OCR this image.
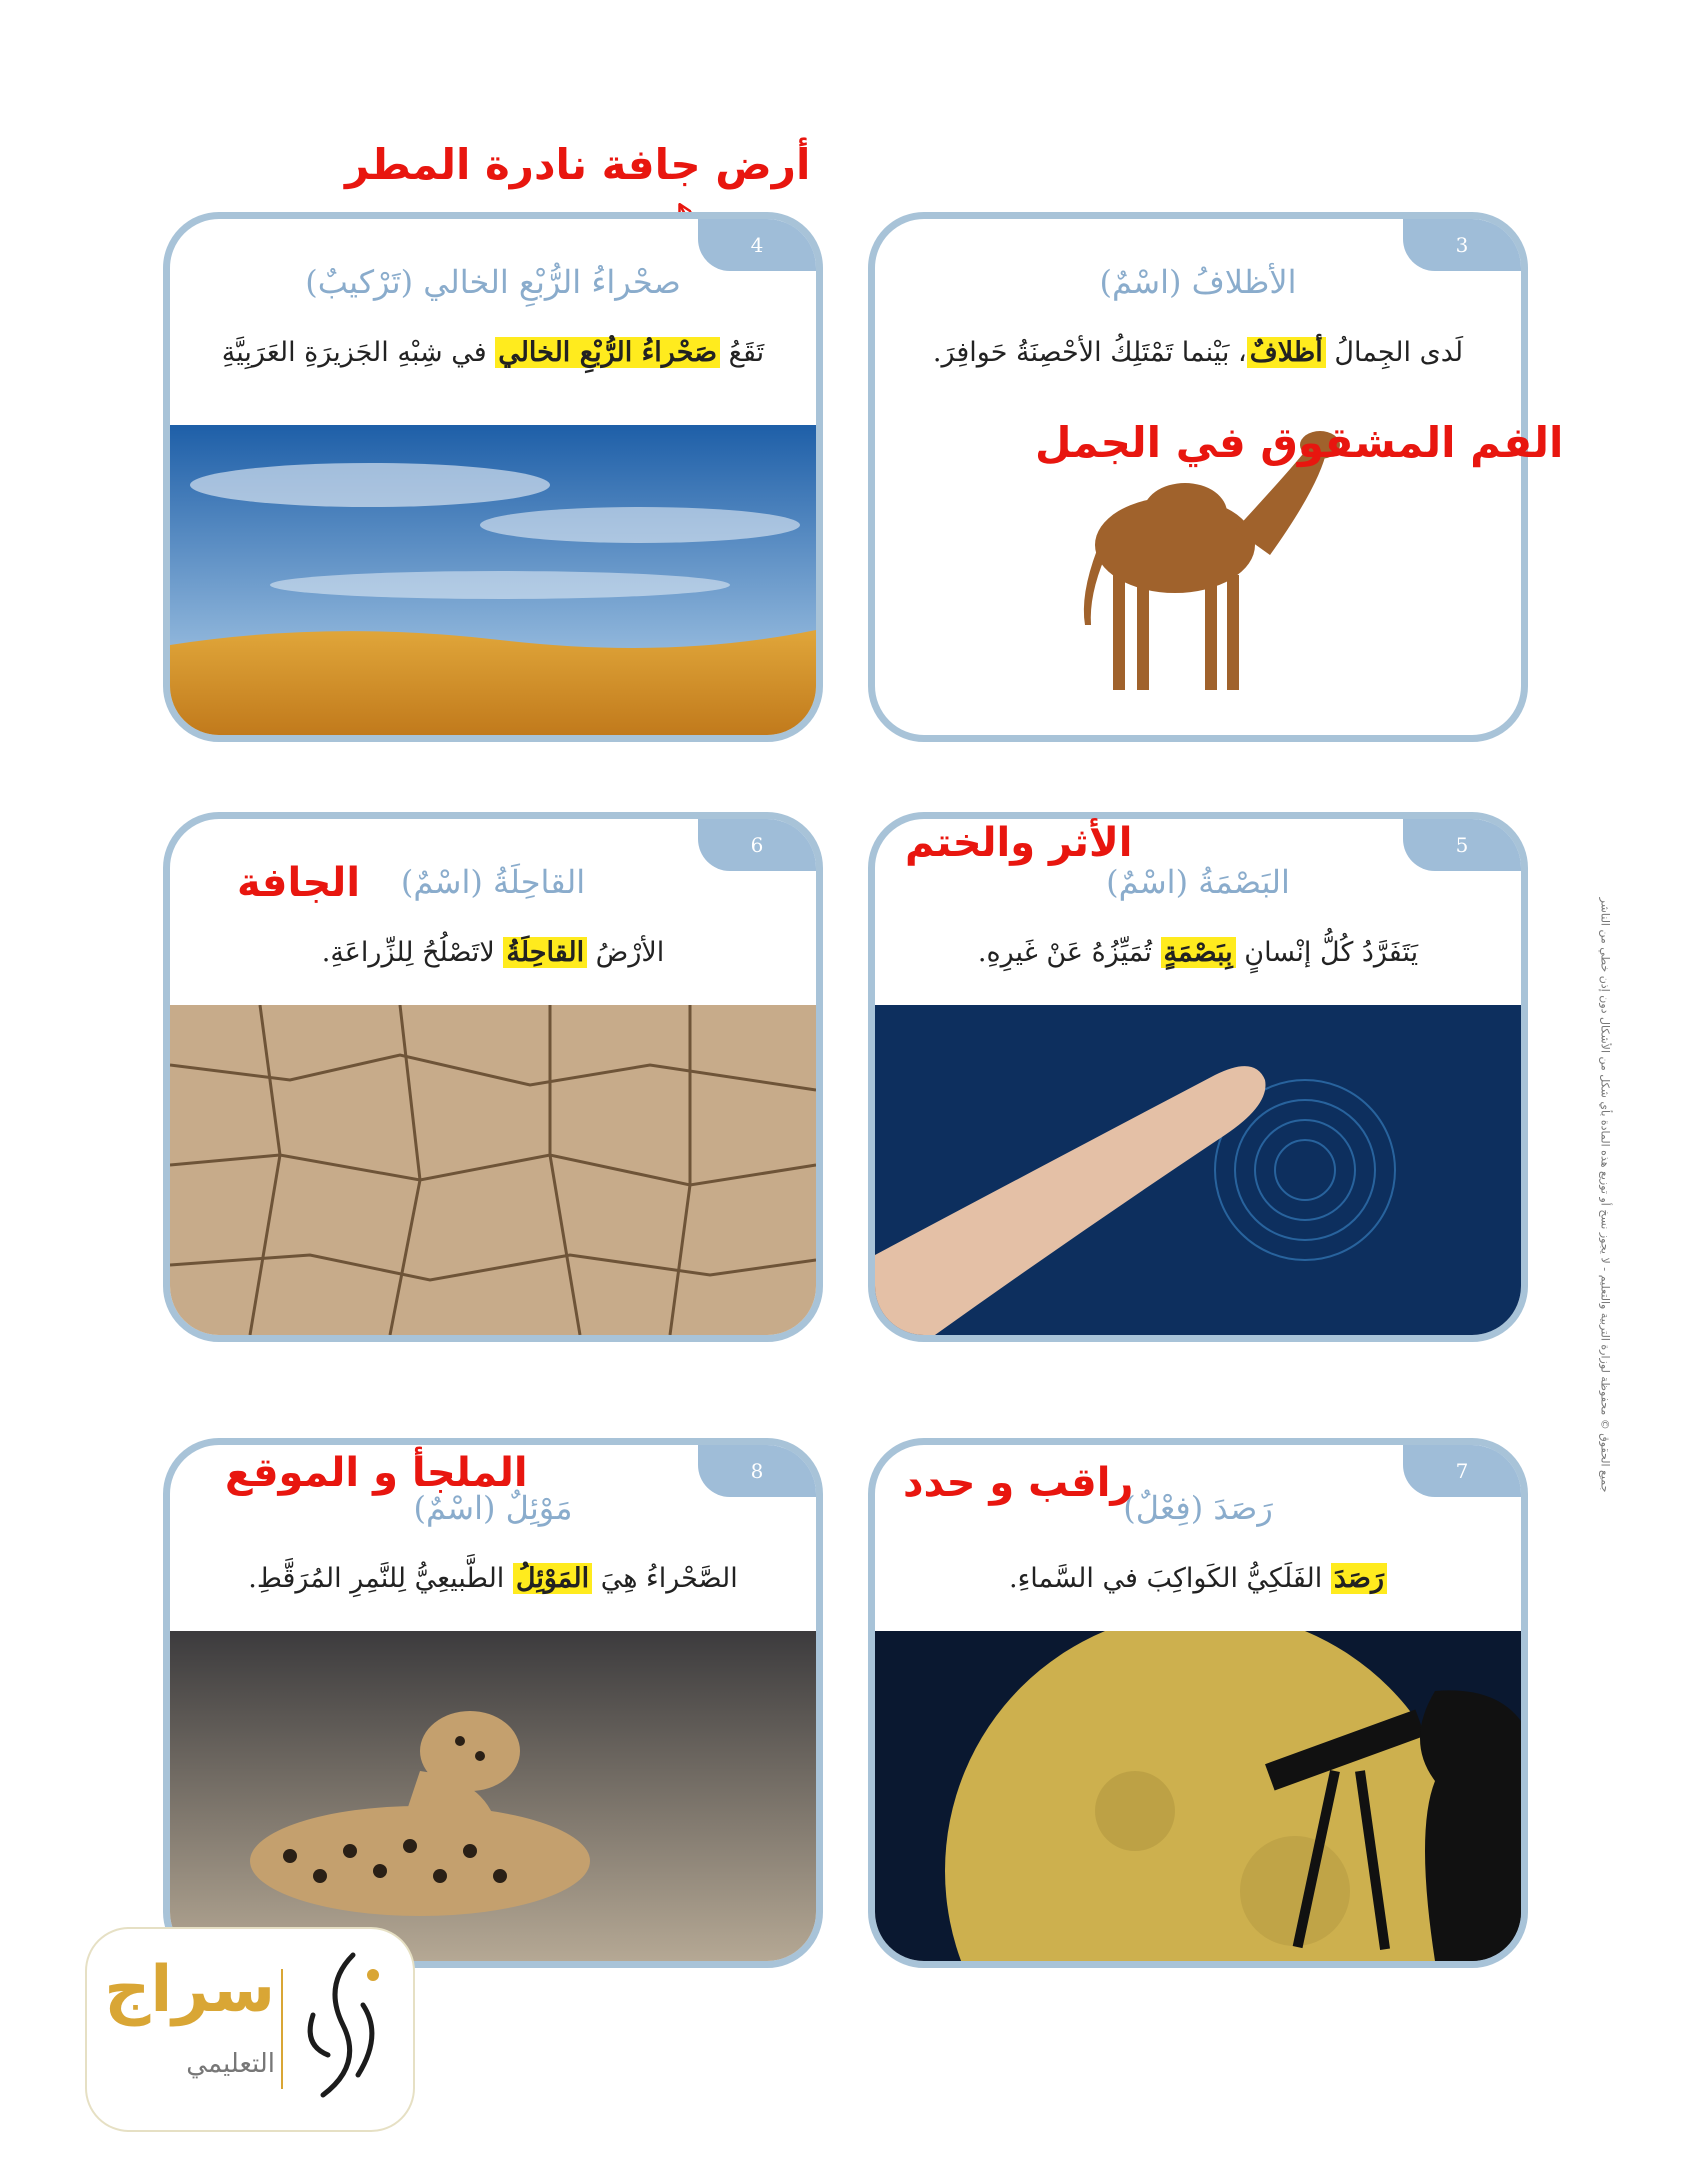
3
الأظلافُ (اسْمٌ)
لَدى الجِمالُ أظلافٌ، بَيْنما تَمْتَلِكُ الأحْصِنَةُ حَوافِرَ.
4
صحْراءُ الرُّبْعِ الخالي (تَرْكيبٌ)
تَقَعُ صَحْراءُ الرُّبْعِ الخالي في شِبْهِ الجَزيرَةِ العَرَبِيَّةِ
5
البَصْمَةُ (اسْمٌ)
يَتَفَرَّدُ كُلُّ إنْسانٍ بِبَصْمَةٍ تُمَيِّزُهُ عَنْ غَيرِهِ.
6
القاحِلَةُ (اسْمٌ)
الأرْضُ القاحِلَةُ لاتَصْلُحُ لِلزِّراعَةِ.
7
رَصَدَ (فِعْلٌ)
رَصَدَ الفَلَكِيُّ الكَواكِبَ في السَّماءِ.
8
مَوْئِلٌ (اسْمٌ)
الصَّحْراءُ هِيَ المَوْئِلُ الطَّبيعِيُّ لِلنَّمِرِ المُرَقَّطِ.
أرض جافة نادرة المطر
الفم المشقوق في الجمل
الأثر والختم
الجافة
راقب و حدد
الملجأ و الموقع	جميع الحقوق © محفوظة لوزارة التربية والتعليم - لا يجوز نسخ أو توزيع هذه المادة بأي شكل من الأشكال دون إذن خطي من الناشر
سراج
التعليمي
